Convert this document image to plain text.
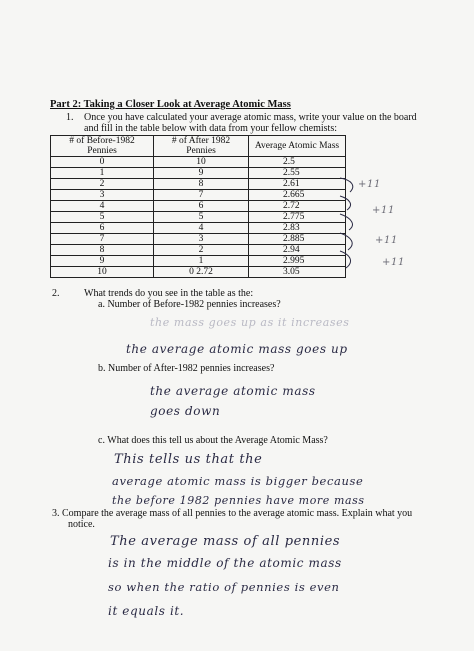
Part 2: Taking a Closer Look at Average Atomic Mass
1. Once you have calculated your average atomic mass, write your value on the board
and fill in the table below with data from your fellow chemists:
# of Before-1982 Pennies	# of After 1982 Pennies	Average Atomic Mass
0	10	2.5
1	9	2.55
2	8	2.61
3	7	2.665
4	6	2.72
5	5	2.775
6	4	2.83
7	3	2.885
8	2	2.94
9	1	2.995
10	0 2.72	3.05
+11
+11
+11
+11
2. What trends do you see in the table as the:
a. Number of Before-1982 pennies increases?
the mass goes up as it increases
the average atomic mass goes up
b. Number of After-1982 pennies increases?
the average atomic mass
goes down
c. What does this tell us about the Average Atomic Mass?
This tells us that the
average atomic mass is bigger because
the before 1982 pennies have more mass
3. Compare the average mass of all pennies to the average atomic mass. Explain what you
notice.
The average mass of all pennies
is in the middle of the atomic mass
so when the ratio of pennies is even
it equals it.
